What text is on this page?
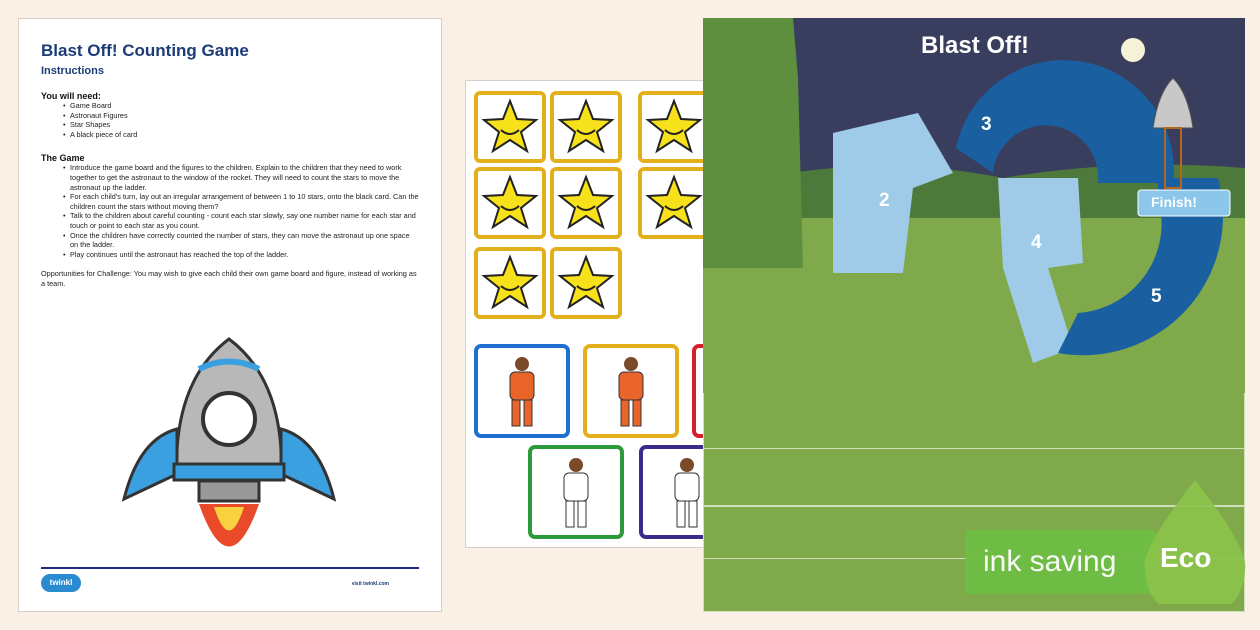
Blast Off! Counting Game
Instructions
You will need:
• Game Board
• Astronaut Figures
• Star Shapes
• A black piece of card
The Game
• Introduce the game board and the figures to the children. Explain to the children that they need to work together to get the astronaut to the window of the rocket. They will need to count the stars to move the astronaut up the ladder.
• For each child's turn, lay out an irregular arrangement of between 1 to 10 stars, onto the black card. Can the children count the stars without moving them?
• Talk to the children about careful counting - count each star slowly, say one number name for each star and touch or point to each star as you count.
• Once the children have correctly counted the number of stars, they can move the astronaut up one space on the ladder.
• Play continues until the astronaut has reached the top of the ladder.

Opportunities for Challenge: You may wish to give each child their own game board and figure, instead of working as a team.

twinkl	visit twinkl.com
Blast Off!
2
3
4
5
Finish!
ink saving	Eco
